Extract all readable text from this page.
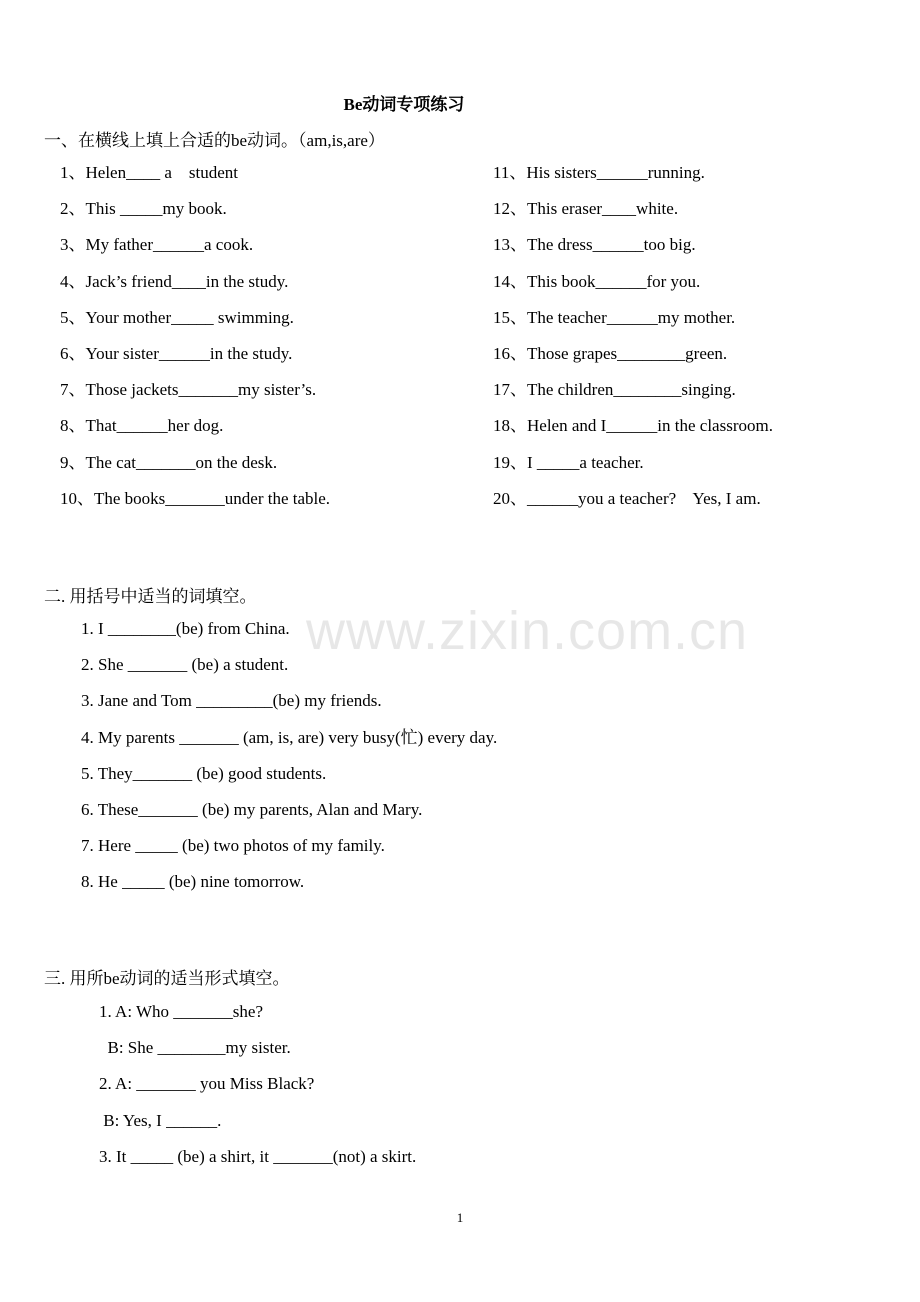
Be动词专项练习
一、在横线上填上合适的be动词。（am,is,are）
1、Helen____ a    student
2、This _____my book.
3、My father______a cook.
4、Jack’s friend____in the study.
5、Your mother_____ swimming.
6、Your sister______in the study.
7、Those jackets_______my sister’s.
8、That______her dog.
9、The cat_______on the desk.
10、The books_______under the table.
11、His sisters______running.
12、This eraser____white.
13、The dress______too big.
14、This book______for you.
15、The teacher______my mother.
16、Those grapes________green.
17、The children________singing.
18、Helen and I______in the classroom.
19、I _____a teacher.
20、______you a teacher?    Yes, I am.
二. 用括号中适当的词填空。
1. I ________(be) from China.
2. She _______ (be) a student.
3. Jane and Tom _________(be) my friends.
4. My parents _______ (am, is, are) very busy(忙) every day.
5. They_______ (be) good students.
6. These_______ (be) my parents, Alan and Mary.
7. Here _____ (be) two photos of my family.
8. He _____ (be) nine tomorrow.
www.zixin.com.cn
三. 用所be动词的适当形式填空。
1. A: Who _______she?
B: She ________my sister.
2. A: _______ you Miss Black?
B: Yes, I ______.
3. It _____ (be) a shirt, it _______(not) a skirt.
1
